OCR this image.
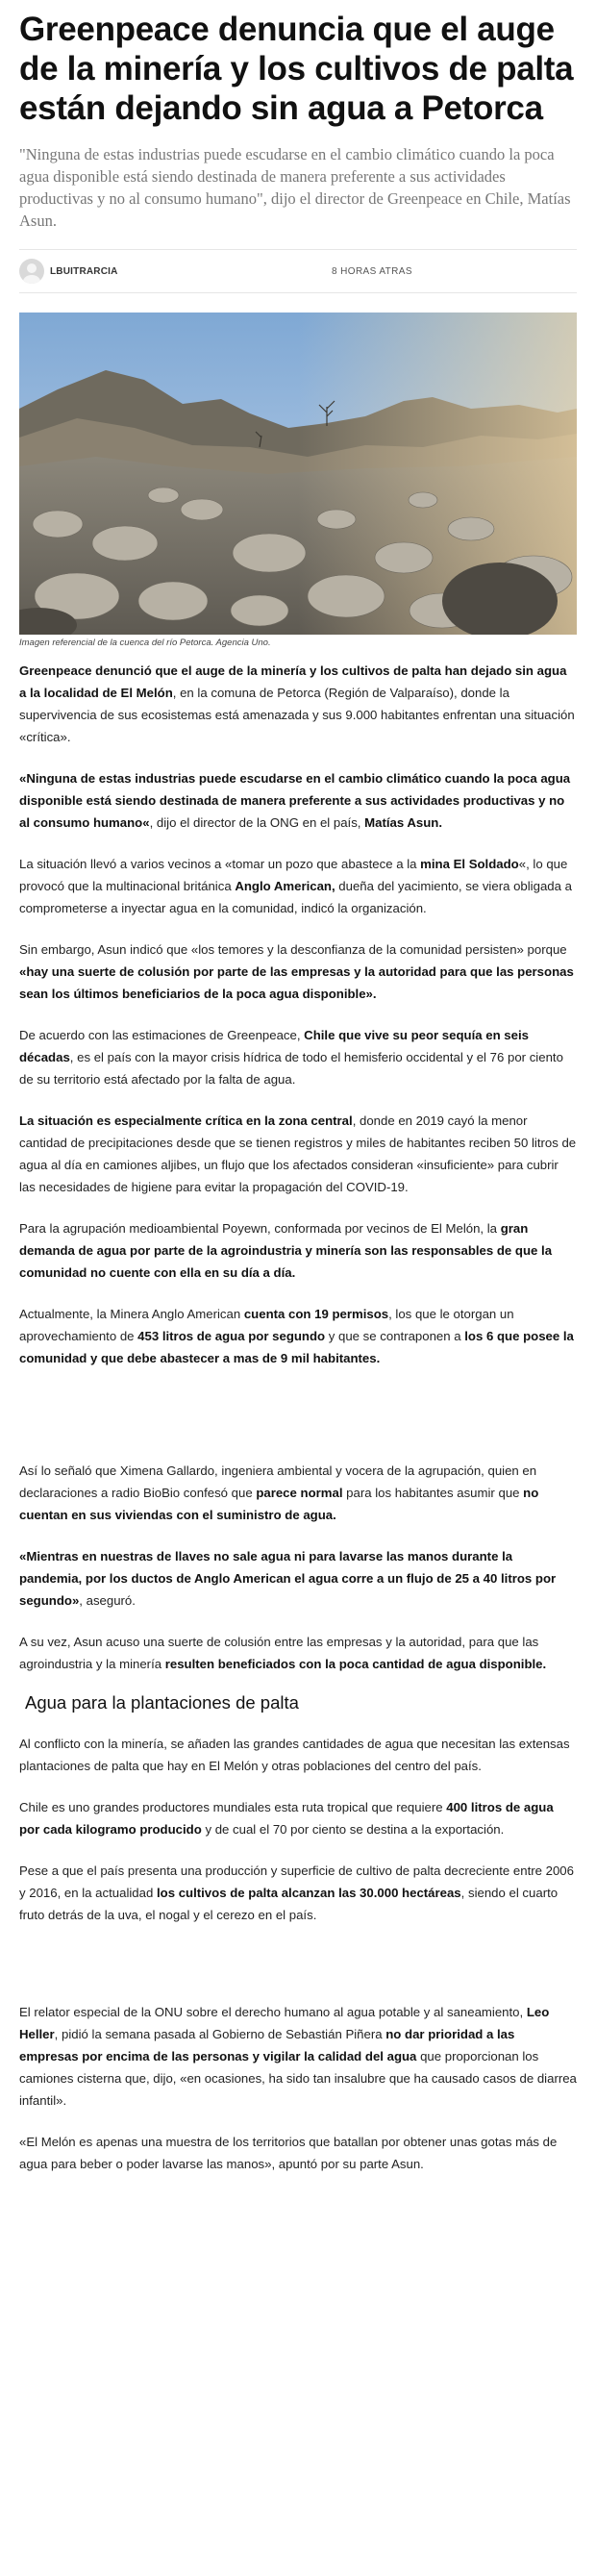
Greenpeace denuncia que el auge de la minería y los cultivos de palta están dejando sin agua a Petorca

"Ninguna de estas industrias puede escudarse en el cambio climático cuando la poca agua disponible está siendo destinada de manera preferente a sus actividades productivas y no al consumo humano", dijo el director de Greenpeace en Chile, Matías Asun.

LBUITRARCIA	8 HORAS ATRAS
Imagen referencial de la cuenca del río Petorca. Agencia Uno.

Greenpeace denunció que el auge de la minería y los cultivos de palta han dejado sin agua a la localidad de El Melón, en la comuna de Petorca (Región de Valparaíso), donde la supervivencia de sus ecosistemas está amenazada y sus 9.000 habitantes enfrentan una situación «crítica».

«Ninguna de estas industrias puede escudarse en el cambio climático cuando la poca agua disponible está siendo destinada de manera preferente a sus actividades productivas y no al consumo humano«, dijo el director de la ONG en el país, Matías Asun.

La situación llevó a varios vecinos a «tomar un pozo que abastece a la mina El Soldado«, lo que provocó que la multinacional británica Anglo American, dueña del yacimiento, se viera obligada a comprometerse a inyectar agua en la comunidad, indicó la organización.

Sin embargo, Asun indicó que «los temores y la desconfianza de la comunidad persisten» porque «hay una suerte de colusión por parte de las empresas y la autoridad para que las personas sean los últimos beneficiarios de la poca agua disponible».

De acuerdo con las estimaciones de Greenpeace, Chile que vive su peor sequía en seis décadas, es el país con la mayor crisis hídrica de todo el hemisferio occidental y el 76 por ciento de su territorio está afectado por la falta de agua.

La situación es especialmente crítica en la zona central, donde en 2019 cayó la menor cantidad de precipitaciones desde que se tienen registros y miles de habitantes reciben 50 litros de agua al día en camiones aljibes, un flujo que los afectados consideran «insuficiente» para cubrir las necesidades de higiene para evitar la propagación del COVID-19.

Para la agrupación medioambiental Poyewn, conformada por vecinos de El Melón, la gran demanda de agua por parte de la agroindustria y minería son las responsables de que la comunidad no cuente con ella en su día a día.

Actualmente, la Minera Anglo American cuenta con 19 permisos, los que le otorgan un aprovechamiento de 453 litros de agua por segundo y que se contraponen a los 6 que posee la comunidad y que debe abastecer a mas de 9 mil habitantes.

Así lo señaló que Ximena Gallardo, ingeniera ambiental y vocera de la agrupación, quien en declaraciones a radio BioBio confesó que parece normal para los habitantes asumir que no cuentan en sus viviendas con el suministro de agua.

«Mientras en nuestras de llaves no sale agua ni para lavarse las manos durante la pandemia, por los ductos de Anglo American el agua corre a un flujo de 25 a 40 litros por segundo», aseguró.

A su vez, Asun acuso una suerte de colusión entre las empresas y la autoridad, para que las agroindustria y la minería resulten beneficiados con la poca cantidad de agua disponible.

Agua para la plantaciones de palta

Al conflicto con la minería, se añaden las grandes cantidades de agua que necesitan las extensas plantaciones de palta que hay en El Melón y otras poblaciones del centro del país.

Chile es uno grandes productores mundiales esta ruta tropical que requiere 400 litros de agua por cada kilogramo producido y de cual el 70 por ciento se destina a la exportación.

Pese a que el país presenta una producción y superficie de cultivo de palta decreciente entre 2006 y 2016, en la actualidad los cultivos de palta alcanzan las 30.000 hectáreas, siendo el cuarto fruto detrás de la uva, el nogal y el cerezo en el país.

El relator especial de la ONU sobre el derecho humano al agua potable y al saneamiento, Leo Heller, pidió la semana pasada al Gobierno de Sebastián Piñera no dar prioridad a las empresas por encima de las personas y vigilar la calidad del agua que proporcionan los camiones cisterna que, dijo, «en ocasiones, ha sido tan insalubre que ha causado casos de diarrea infantil».

«El Melón es apenas una muestra de los territorios que batallan por obtener unas gotas más de agua para beber o poder lavarse las manos», apuntó por su parte Asun.
